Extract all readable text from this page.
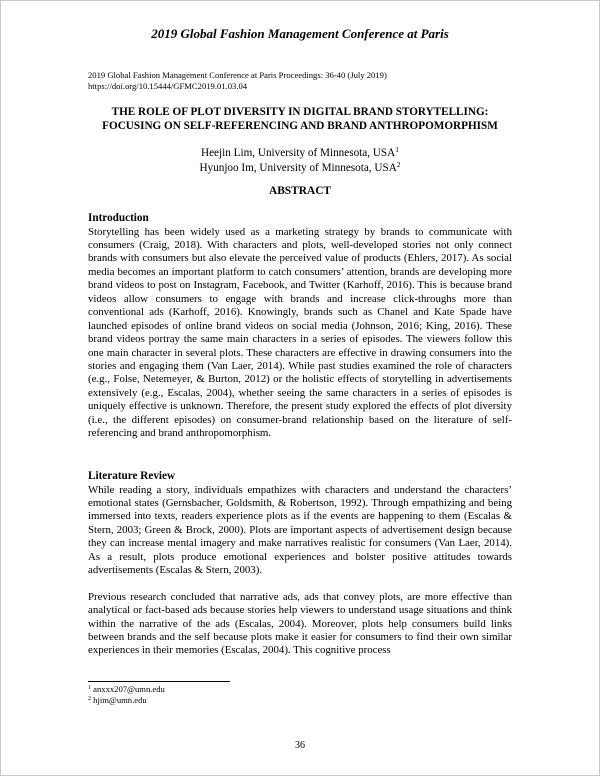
2019 Global Fashion Management Conference at Paris
2019 Global Fashion Management Conference at Paris Proceedings: 36-40 (July 2019)
https://doi.org/10.15444/GFMC2019.01.03.04
THE ROLE OF PLOT DIVERSITY IN DIGITAL BRAND STORYTELLING:
FOCUSING ON SELF-REFERENCING AND BRAND ANTHROPOMORPHISM
Heejin Lim, University of Minnesota, USA$^1$
Hyunjoo Im, University of Minnesota, USA$^2$
ABSTRACT
Introduction

Storytelling has been widely used as a marketing strategy by brands to communicate with consumers (Craig, 2018). With characters and plots, well-developed stories not only connect brands with consumers but also elevate the perceived value of products (Ehlers, 2017). As social media becomes an important platform to catch consumers’ attention, brands are developing more brand videos to post on Instagram, Facebook, and Twitter (Karhoff, 2016). This is because brand videos allow consumers to engage with brands and increase click-throughs more than conventional ads (Karhoff, 2016). Knowingly, brands such as Chanel and Kate Spade have launched episodes of online brand videos on social media (Johnson, 2016; King, 2016). These brand videos portray the same main characters in a series of episodes. The viewers follow this one main character in several plots. These characters are effective in drawing consumers into the stories and engaging them (Van Laer, 2014). While past studies examined the role of characters (e.g., Folse, Netemeyer, & Burton, 2012) or the holistic effects of storytelling in advertisements extensively (e.g., Escalas, 2004), whether seeing the same characters in a series of episodes is uniquely effective is unknown. Therefore, the present study explored the effects of plot diversity (i.e., the different episodes) on consumer-brand relationship based on the literature of self-referencing and brand anthropomorphism.

Literature Review

While reading a story, individuals empathizes with characters and understand the characters’ emotional states (Gernsbacher, Goldsmith, & Robertson, 1992). Through empathizing and being immersed into texts, readers experience plots as if the events are happening to them (Escalas & Stern, 2003; Green & Brock, 2000). Plots are important aspects of advertisement design because they can increase mental imagery and make narratives realistic for consumers (Van Laer, 2014). As a result, plots produce emotional experiences and bolster positive attitudes towards advertisements (Escalas & Stern, 2003).

Previous research concluded that narrative ads, ads that convey plots, are more effective than analytical or fact-based ads because stories help viewers to understand usage situations and think within the narrative of the ads (Escalas, 2004). Moreover, plots help consumers build links between brands and the self because plots make it easier for consumers to find their own similar experiences in their memories (Escalas, 2004). This cognitive process

$^1$ anxxx207@umn.edu
$^2$ hjim@umn.edu
36
